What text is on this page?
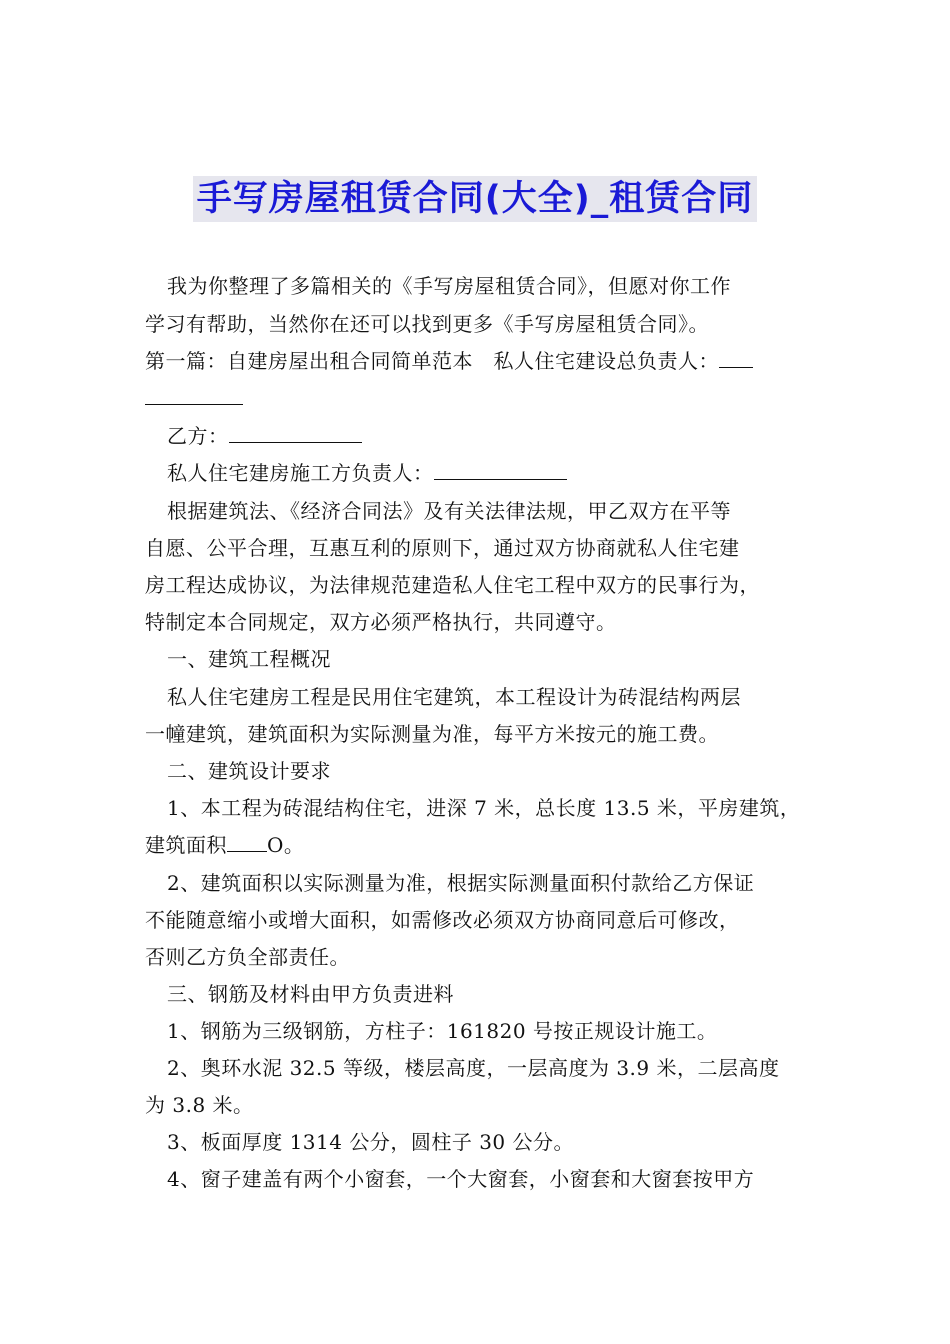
手写房屋租赁合同(大全)_租赁合同
我为你整理了多篇相关的《手写房屋租赁合同》，但愿对你工作
学习有帮助，当然你在还可以找到更多《手写房屋租赁合同》。
第一篇：自建房屋出租合同简单范本　私人住宅建设总负责人：
乙方：
私人住宅建房施工方负责人：
根据建筑法、《经济合同法》及有关法律法规，甲乙双方在平等
自愿、公平合理，互惠互利的原则下，通过双方协商就私人住宅建
房工程达成协议，为法律规范建造私人住宅工程中双方的民事行为，
特制定本合同规定，双方必须严格执行，共同遵守。
一、建筑工程概况
私人住宅建房工程是民用住宅建筑，本工程设计为砖混结构两层
一幢建筑，建筑面积为实际测量为准，每平方米按元的施工费。
二、建筑设计要求
1、本工程为砖混结构住宅，进深 7 米，总长度 13.5 米，平房建筑，
建筑面积 O。
2、建筑面积以实际测量为准，根据实际测量面积付款给乙方保证
不能随意缩小或增大面积，如需修改必须双方协商同意后可修改，
否则乙方负全部责任。
三、钢筋及材料由甲方负责进料
1、钢筋为三级钢筋，方柱子：161820 号按正规设计施工。
2、奥环水泥 32.5 等级，楼层高度，一层高度为 3.9 米，二层高度
为 3.8 米。
3、板面厚度 1314 公分，圆柱子 30 公分。
4、窗子建盖有两个小窗套，一个大窗套，小窗套和大窗套按甲方
